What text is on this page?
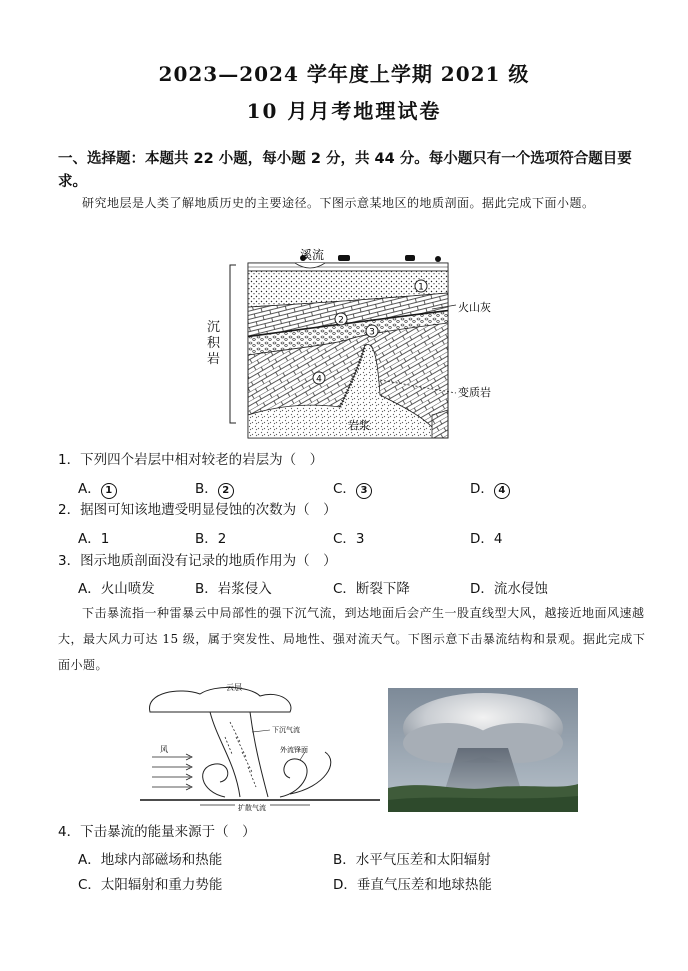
2023—2024 学年度上学期 2021 级
10 月月考地理试卷
一、选择题：本题共 22 小题，每小题 2 分，共 44 分。每小题只有一个选项符合题目要求。
研究地层是人类了解地质历史的主要途径。下图示意某地区的地质剖面。据此完成下面小题。
1
2
3
4
溪流
火山灰
变质岩
岩浆
沉积岩
1．下列四个岩层中相对较老的岩层为（　）
A． 1	B． 2	C． 3	D． 4
2．据图可知该地遭受明显侵蚀的次数为（　）
A．1	B．2	C．3	D．4
3．图示地质剖面没有记录的地质作用为（　）
A．火山喷发	B．岩浆侵入	C．断裂下降	D．流水侵蚀
下击暴流指一种雷暴云中局部性的强下沉气流，到达地面后会产生一股直线型大风，越接近地面风速越大，最大风力可达 15 级，属于突发性、局地性、强对流天气。下图示意下击暴流结构和景观。据此完成下面小题。
云层
下沉气流
外流锋面
风
扩散气流
4．下击暴流的能量来源于（　）
A．地球内部磁场和热能	B．水平气压差和太阳辐射
C．太阳辐射和重力势能	D．垂直气压差和地球热能
